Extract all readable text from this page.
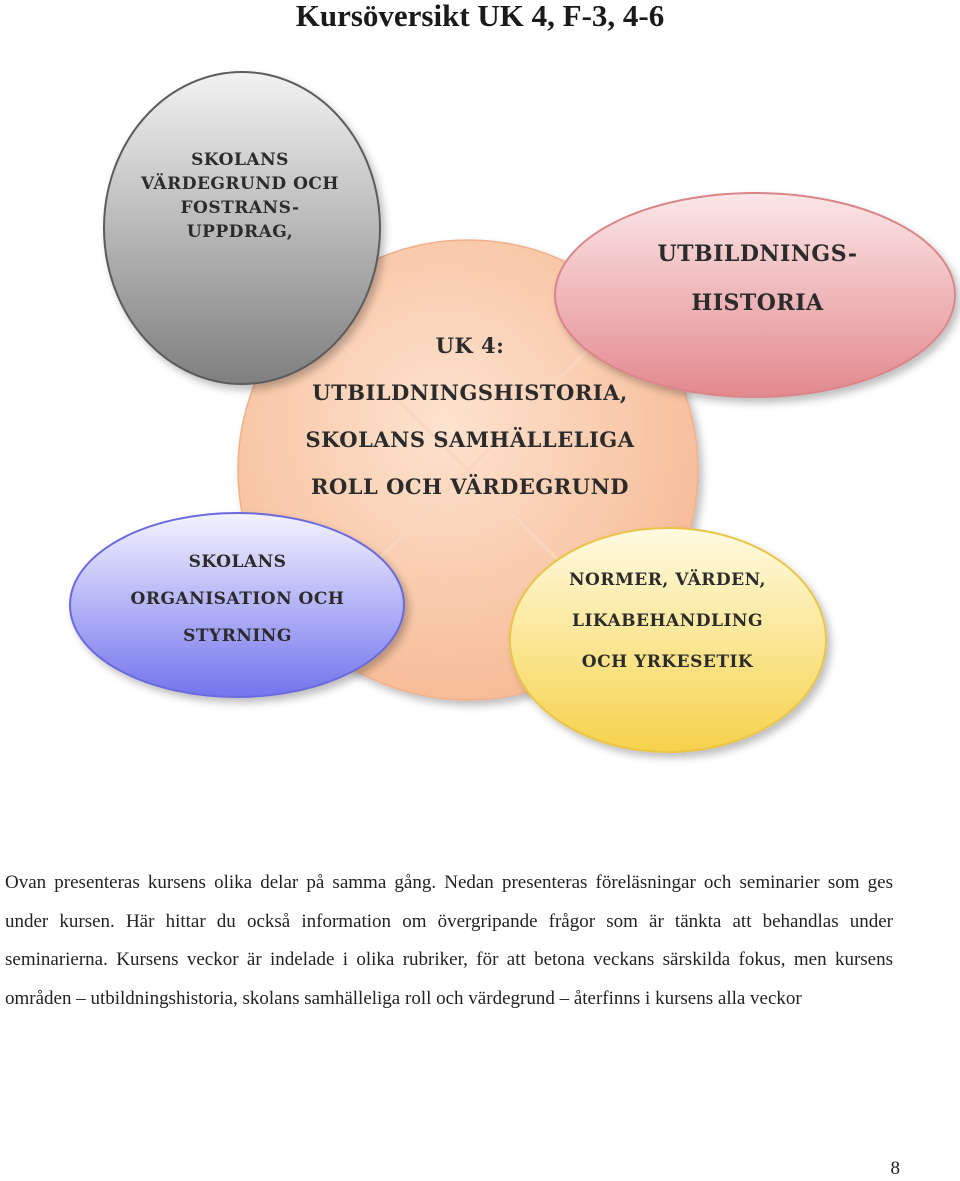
Kursöversikt UK 4, F-3, 4-6
SKOLANS
VÄRDEGRUND OCH
FOSTRANS-
UPPDRAG,
UTBILDNINGS-
HISTORIA
UK 4:
UTBILDNINGSHISTORIA,
SKOLANS SAMHÄLLELIGA
ROLL OCH VÄRDEGRUND
SKOLANS
ORGANISATION OCH
STYRNING
NORMER, VÄRDEN,
LIKABEHANDLING
OCH YRKESETIK

Ovan presenteras kursens olika delar på samma gång. Nedan presenteras föreläsningar och seminarier som ges under kursen. Här hittar du också information om övergripande frågor som är tänkta att behandlas under seminarierna. Kursens veckor är indelade i olika rubriker, för att betona veckans särskilda fokus, men kursens områden – utbildningshistoria, skolans samhälleliga roll och värdegrund – återfinns i kursens alla veckor

8
